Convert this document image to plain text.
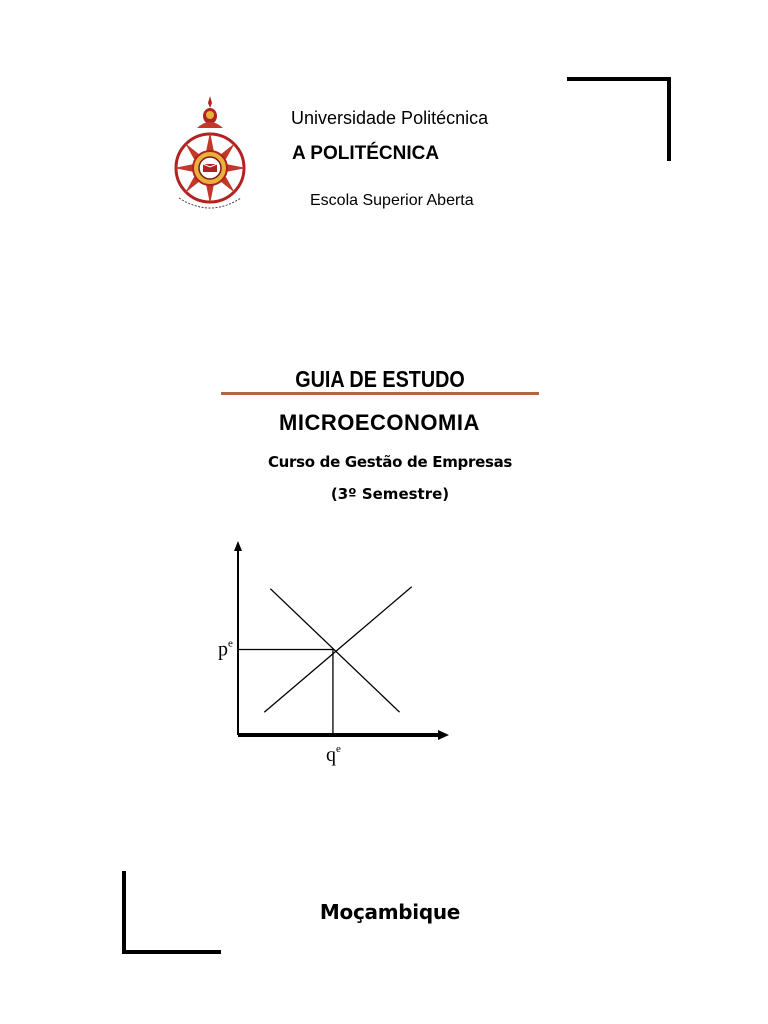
Universidade Politécnica
A POLITÉCNICA
Escola Superior Aberta
GUIA DE ESTUDO
MICROECONOMIA
Curso de Gestão de Empresas
(3º Semestre)
$p^e$
$q^e$
Moçambique
